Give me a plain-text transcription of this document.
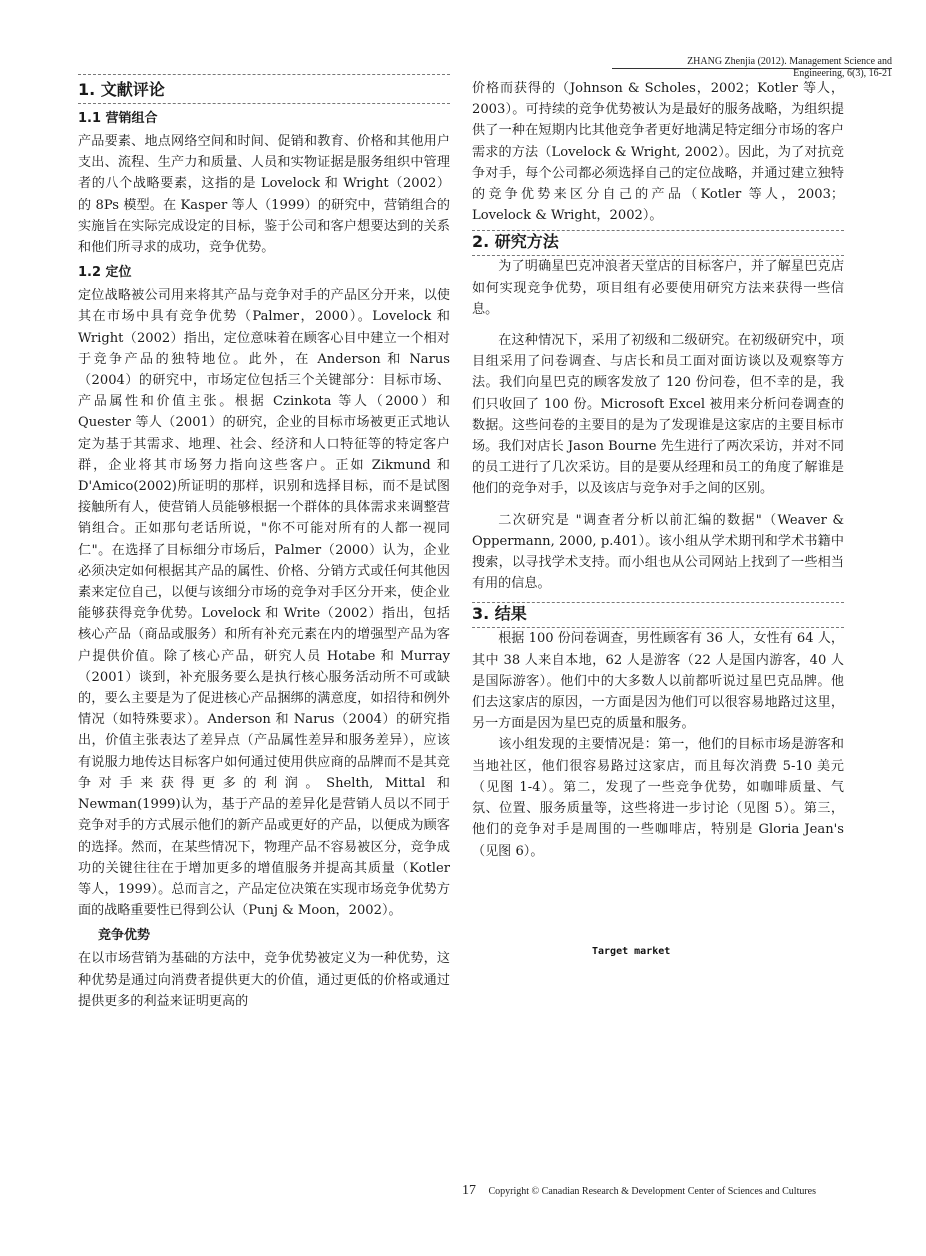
ZHANG Zhenjia (2012). Management Science and
Engineering, 6(3), 16-21
1. 文献评论
1.1 营销组合

产品要素、地点网络空间和时间、促销和教育、价格和其他用户支出、流程、生产力和质量、人员和实物证据是服务组织中管理者的八个战略要素，这指的是 Lovelock 和 Wright（2002）的 8Ps 模型。在 Kasper 等人（1999）的研究中，营销组合的实施旨在实际完成设定的目标，鉴于公司和客户想要达到的关系和他们所寻求的成功，竞争优势。

1.2 定位

定位战略被公司用来将其产品与竞争对手的产品区分开来，以使其在市场中具有竞争优势（Palmer，2000）。Lovelock 和 Wright（2002）指出，定位意味着在顾客心目中建立一个相对于竞争产品的独特地位。此外，在 Anderson 和 Narus（2004）的研究中，市场定位包括三个关键部分：目标市场、产品属性和价值主张。根据 Czinkota 等人（2000）和 Quester 等人（2001）的研究，企业的目标市场被更正式地认定为基于其需求、地理、社会、经济和人口特征等的特定客户群，企业将其市场努力指向这些客户。正如 Zikmund 和 D'Amico(2002)所证明的那样，识别和选择目标，而不是试图接触所有人，使营销人员能够根据一个群体的具体需求来调整营销组合。正如那句老话所说，"你不可能对所有的人都一视同仁"。在选择了目标细分市场后，Palmer（2000）认为，企业必须决定如何根据其产品的属性、价格、分销方式或任何其他因素来定位自己，以便与该细分市场的竞争对手区分开来，使企业能够获得竞争优势。Lovelock 和 Write（2002）指出，包括核心产品（商品或服务）和所有补充元素在内的增强型产品为客户提供价值。除了核心产品，研究人员 Hotabe 和 Murray（2001）谈到，补充服务要么是执行核心服务活动所不可或缺的，要么主要是为了促进核心产品捆绑的满意度，如招待和例外情况（如特殊要求）。Anderson 和 Narus（2004）的研究指出，价值主张表达了差异点（产品属性差异和服务差异），应该有说服力地传达目标客户如何通过使用供应商的品牌而不是其竞争对手来获得更多的利润。Shelth, Mittal 和 Newman(1999)认为，基于产品的差异化是营销人员以不同于竞争对手的方式展示他们的新产品或更好的产品，以便成为顾客的选择。然而，在某些情况下，物理产品不容易被区分，竞争成功的关键往往在于增加更多的增值服务并提高其质量（Kotler 等人，1999）。总而言之，产品定位决策在实现市场竞争优势方面的战略重要性已得到公认（Punj & Moon，2002）。

竞争优势

在以市场营销为基础的方法中，竞争优势被定义为一种优势，这种优势是通过向消费者提供更大的价值，通过更低的价格或通过提供更多的利益来证明更高的

价格而获得的（Johnson & Scholes，2002；Kotler 等人，2003）。可持续的竞争优势被认为是最好的服务战略，为组织提供了一种在短期内比其他竞争者更好地满足特定细分市场的客户需求的方法（Lovelock & Wright, 2002）。因此，为了对抗竞争对手，每个公司都必须选择自己的定位战略，并通过建立独特的竞争优势来区分自己的产品（Kotler 等人，2003；Lovelock & Wright，2002）。

2. 研究方法

为了明确星巴克冲浪者天堂店的目标客户，并了解星巴克店如何实现竞争优势，项目组有必要使用研究方法来获得一些信息。

在这种情况下，采用了初级和二级研究。在初级研究中，项目组采用了问卷调查、与店长和员工面对面访谈以及观察等方法。我们向星巴克的顾客发放了 120 份问卷，但不幸的是，我们只收回了 100 份。Microsoft Excel 被用来分析问卷调查的数据。这些问卷的主要目的是为了发现谁是这家店的主要目标市场。我们对店长 Jason Bourne 先生进行了两次采访，并对不同的员工进行了几次采访。目的是要从经理和员工的角度了解谁是他们的竞争对手，以及该店与竞争对手之间的区别。

二次研究是 "调查者分析以前汇编的数据"（Weaver & Oppermann, 2000, p.401）。该小组从学术期刊和学术书籍中搜索，以寻找学术支持。而小组也从公司网站上找到了一些相当有用的信息。

3. 结果

根据 100 份问卷调查，男性顾客有 36 人，女性有 64 人，其中 38 人来自本地，62 人是游客（22 人是国内游客，40 人是国际游客）。他们中的大多数人以前都听说过星巴克品牌。他们去这家店的原因，一方面是因为他们可以很容易地路过这里，另一方面是因为星巴克的质量和服务。

该小组发现的主要情况是：第一，他们的目标市场是游客和当地社区，他们很容易路过这家店，而且每次消费 5-10 美元（见图 1-4）。第二，发现了一些竞争优势，如咖啡质量、气氛、位置、服务质量等，这些将进一步讨论（见图 5）。第三，他们的竞争对手是周围的一些咖啡店，特别是 Gloria Jean's（见图 6）。

Target market
17 Copyright © Canadian Research & Development Center of Sciences and Cultures
